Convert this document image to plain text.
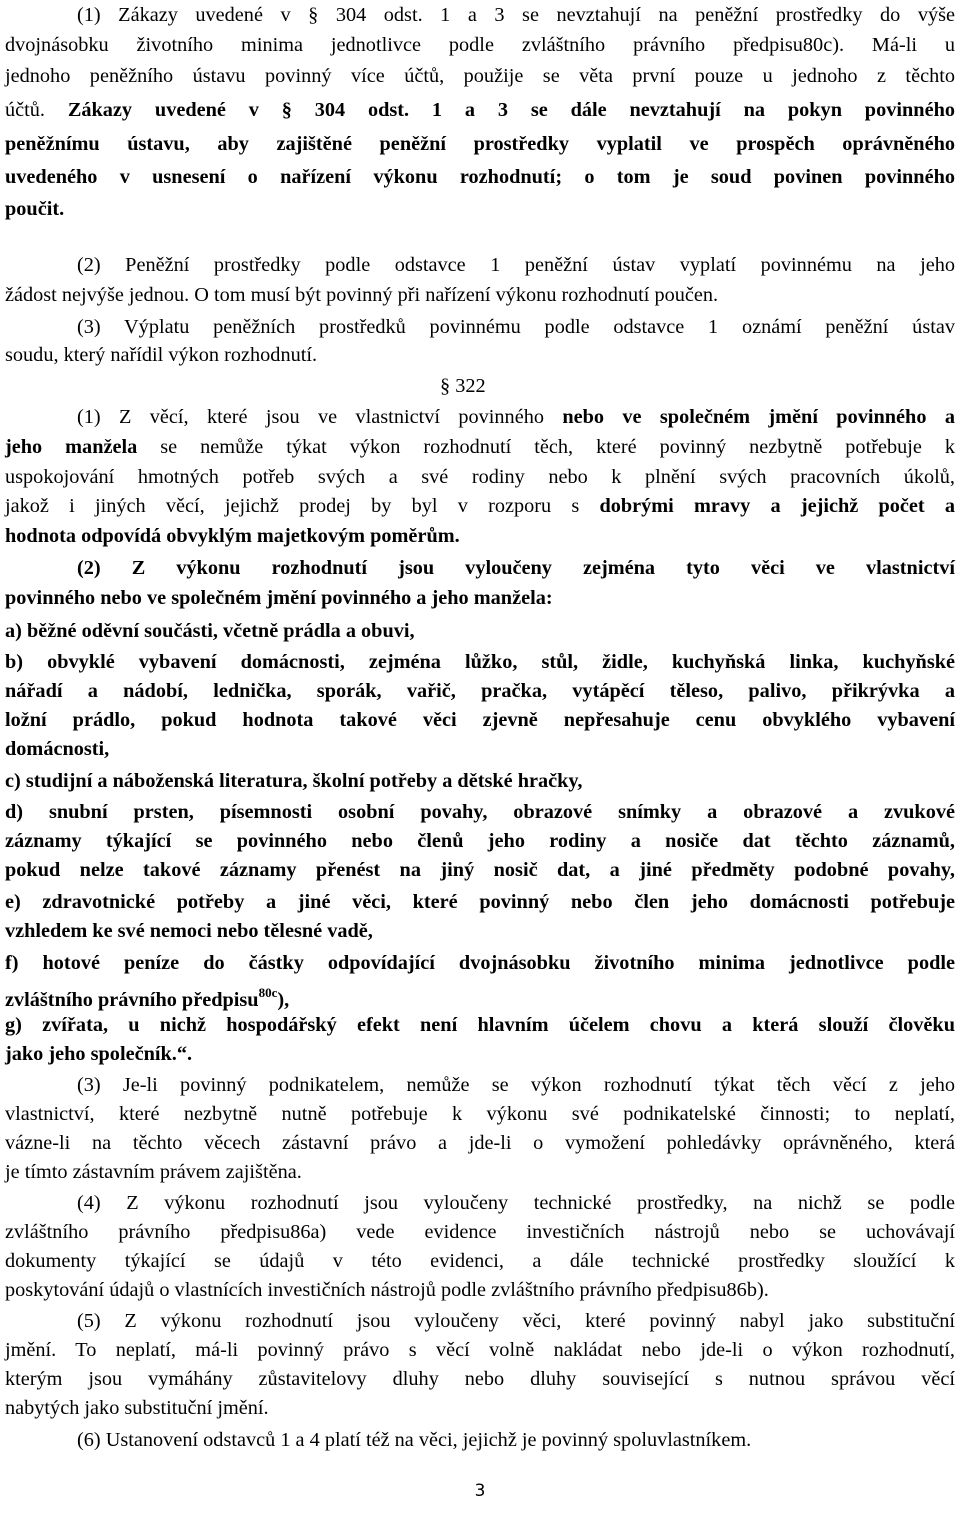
(1) Zákazy uvedené v § 304 odst. 1 a 3 se nevztahují na peněžní prostředky do výše
dvojnásobku životního minima jednotlivce podle zvláštního právního předpisu80c). Má-li u
jednoho peněžního ústavu povinný více účtů, použije se věta první pouze u jednoho z těchto
účtů. Zákazy uvedené v § 304 odst. 1 a 3 se dále nevztahují na pokyn povinného
peněžnímu ústavu, aby zajištěné peněžní prostředky vyplatil ve prospěch oprávněného
uvedeného v usnesení o nařízení výkonu rozhodnutí; o tom je soud povinen povinného
poučit.
(2) Peněžní prostředky podle odstavce 1 peněžní ústav vyplatí povinnému na jeho
žádost nejvýše jednou. O tom musí být povinný při nařízení výkonu rozhodnutí poučen.
(3) Výplatu peněžních prostředků povinnému podle odstavce 1 oznámí peněžní ústav
soudu, který nařídil výkon rozhodnutí.
§ 322
(1) Z věcí, které jsou ve vlastnictví povinného nebo ve společném jmění povinného a
jeho manžela se nemůže týkat výkon rozhodnutí těch, které povinný nezbytně potřebuje k
uspokojování hmotných potřeb svých a své rodiny nebo k plnění svých pracovních úkolů,
jakož i jiných věcí, jejichž prodej by byl v rozporu s dobrými mravy a jejichž počet a
hodnota odpovídá obvyklým majetkovým poměrům.
(2) Z výkonu rozhodnutí jsou vyloučeny zejména tyto věci ve vlastnictví
povinného nebo ve společném jmění povinného a jeho manžela:
a) běžné oděvní součásti, včetně prádla a obuvi,
b) obvyklé vybavení domácnosti, zejména lůžko, stůl, židle, kuchyňská linka, kuchyňské
nářadí a nádobí, lednička, sporák, vařič, pračka, vytápěcí těleso, palivo, přikrývka a
ložní prádlo, pokud hodnota takové věci zjevně nepřesahuje cenu obvyklého vybavení
domácnosti,
c) studijní a náboženská literatura, školní potřeby a dětské hračky,
d) snubní prsten, písemnosti osobní povahy, obrazové snímky a obrazové a zvukové
záznamy týkající se povinného nebo členů jeho rodiny a nosiče dat těchto záznamů,
pokud nelze takové záznamy přenést na jiný nosič dat, a jiné předměty podobné povahy,
e) zdravotnické potřeby a jiné věci, které povinný nebo člen jeho domácnosti potřebuje
vzhledem ke své nemoci nebo tělesné vadě,
f) hotové peníze do částky odpovídající dvojnásobku životního minima jednotlivce podle
zvláštního právního předpisu$^{80c}$),
g) zvířata, u nichž hospodářský efekt není hlavním účelem chovu a která slouží člověku
jako jeho společník.“.
(3) Je-li povinný podnikatelem, nemůže se výkon rozhodnutí týkat těch věcí z jeho
vlastnictví, které nezbytně nutně potřebuje k výkonu své podnikatelské činnosti; to neplatí,
vázne-li na těchto věcech zástavní právo a jde-li o vymožení pohledávky oprávněného, která
je tímto zástavním právem zajištěna.
(4) Z výkonu rozhodnutí jsou vyloučeny technické prostředky, na nichž se podle
zvláštního právního předpisu86a) vede evidence investičních nástrojů nebo se uchovávají
dokumenty týkající se údajů v této evidenci, a dále technické prostředky sloužící k
poskytování údajů o vlastnících investičních nástrojů podle zvláštního právního předpisu86b).
(5) Z výkonu rozhodnutí jsou vyloučeny věci, které povinný nabyl jako substituční
jmění. To neplatí, má-li povinný právo s věcí volně nakládat nebo jde-li o výkon rozhodnutí,
kterým jsou vymáhány zůstavitelovy dluhy nebo dluhy související s nutnou správou věcí
nabytých jako substituční jmění.
(6) Ustanovení odstavců 1 a 4 platí též na věci, jejichž je povinný spoluvlastníkem.
3
